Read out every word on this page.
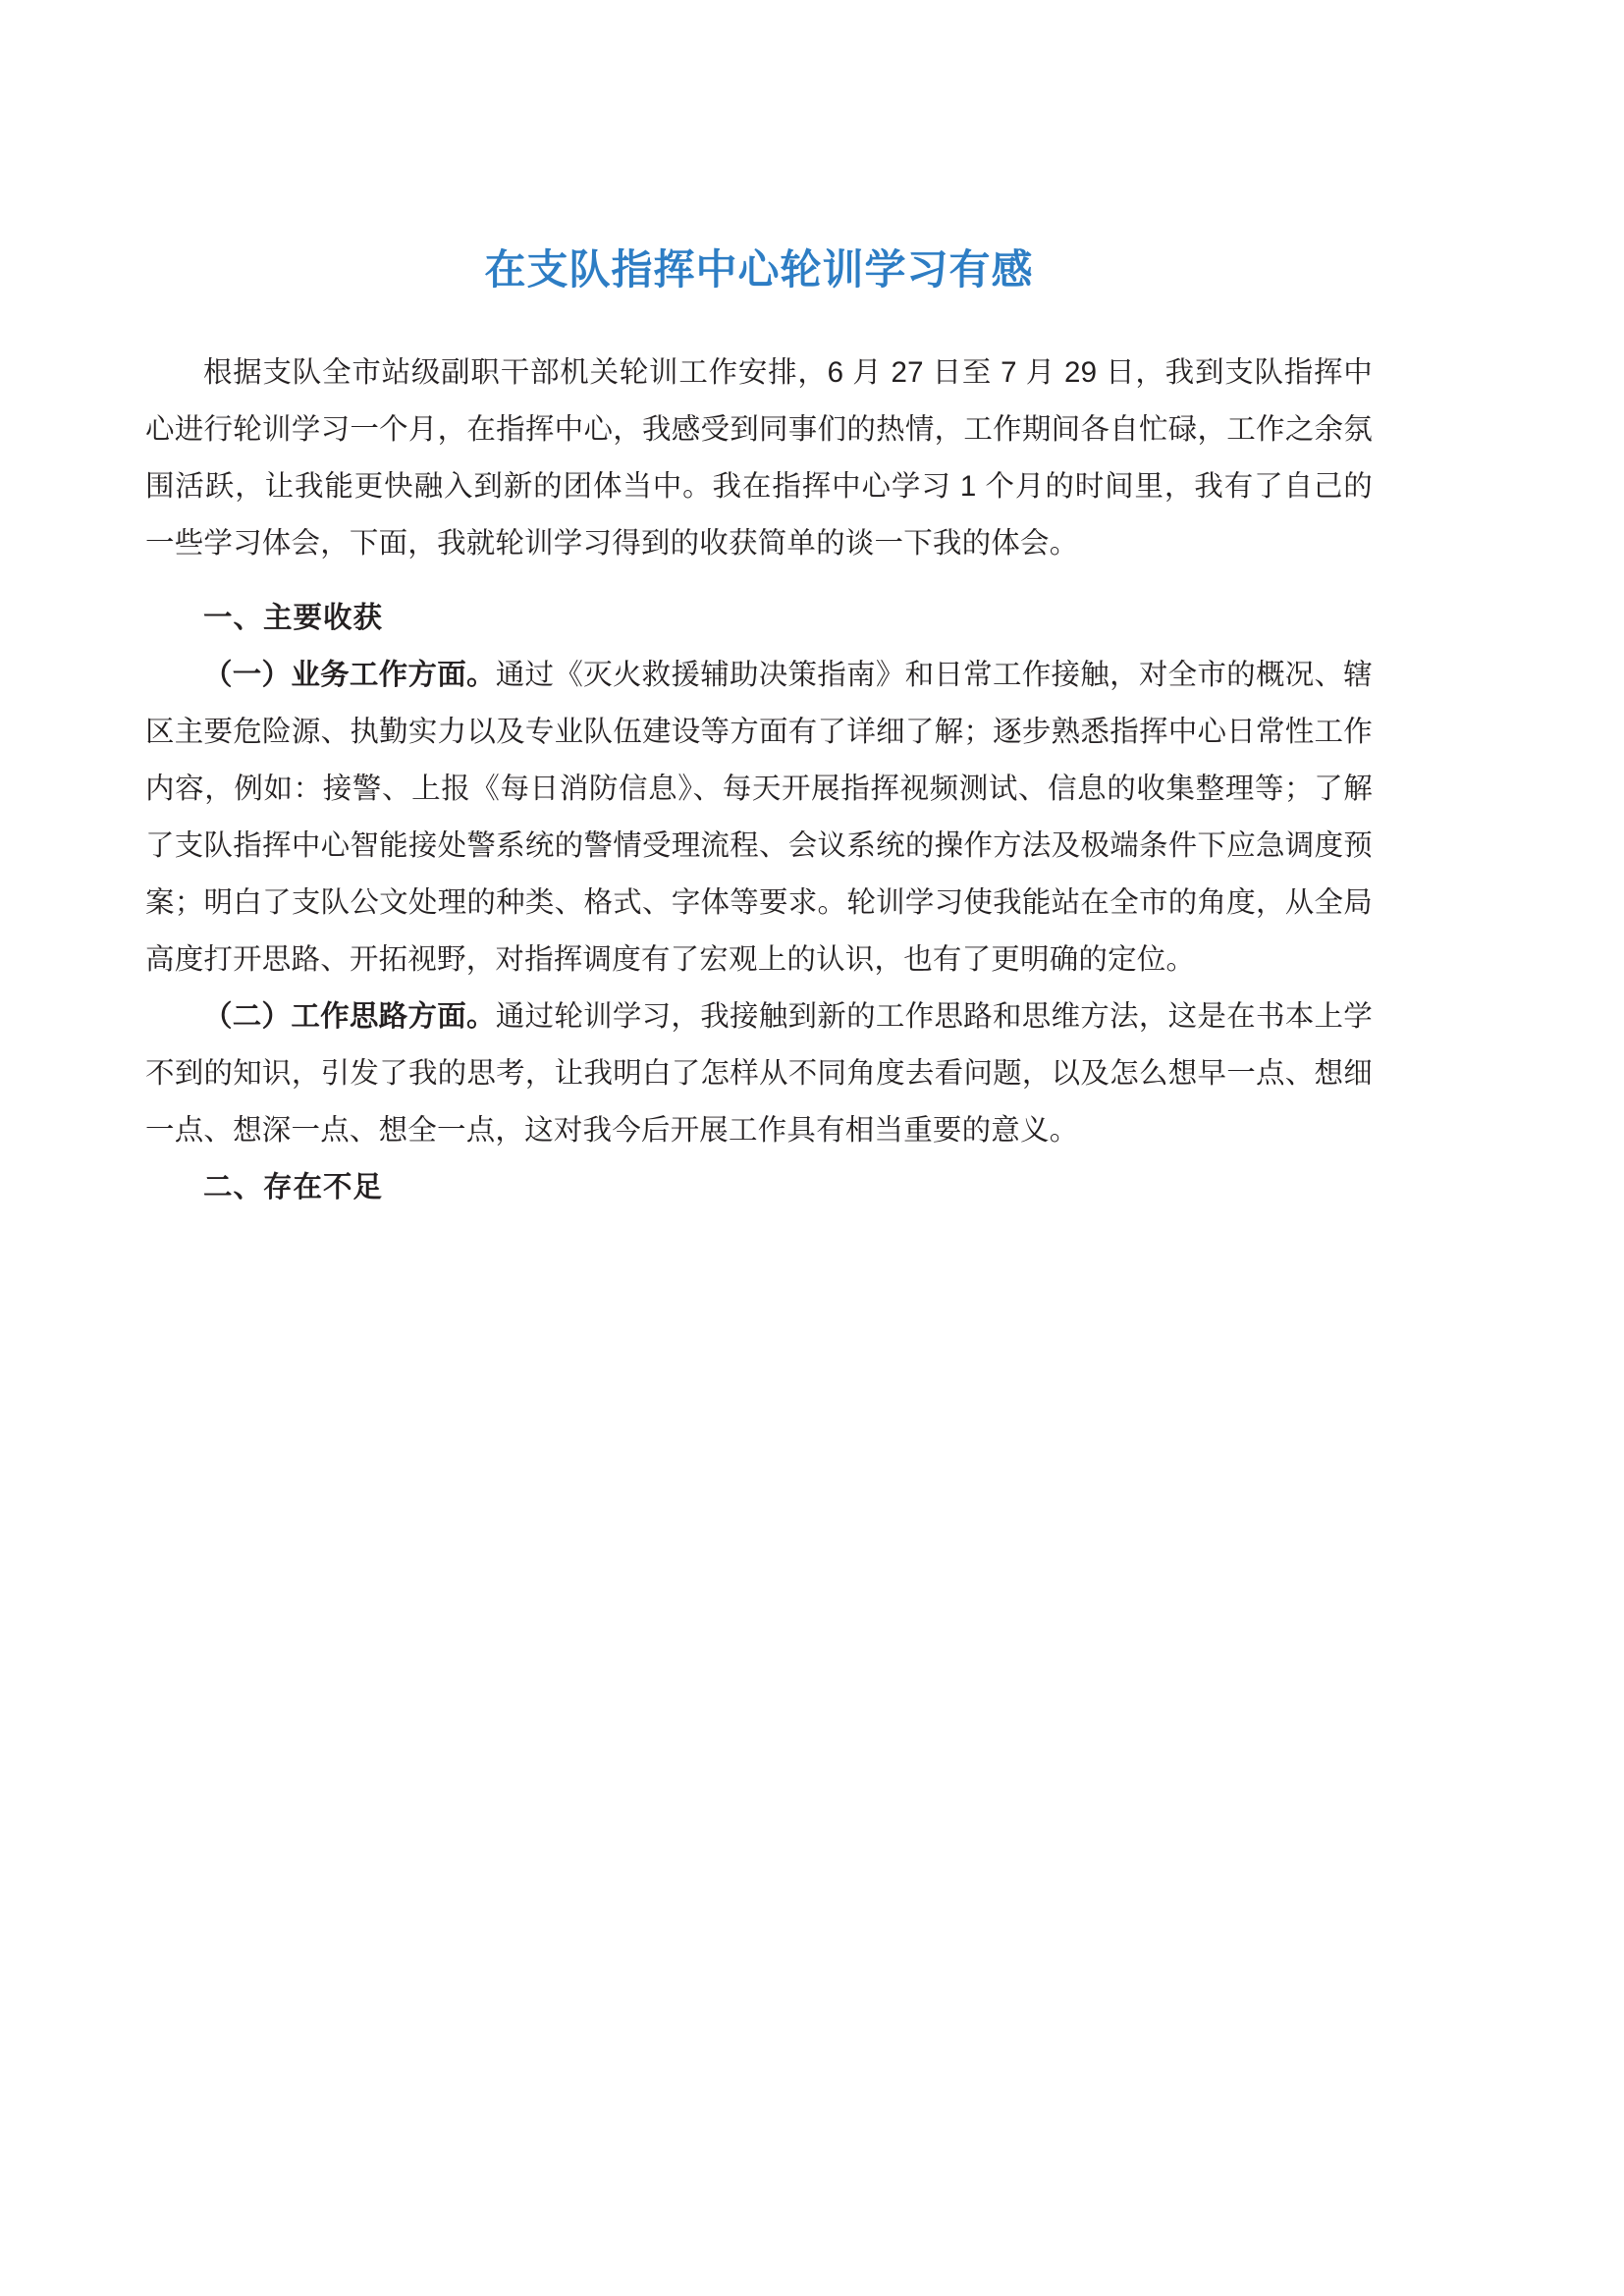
在支队指挥中心轮训学习有感

根据支队全市站级副职干部机关轮训工作安排，6 月 27 日至 7 月 29 日，我到支队指挥中心进行轮训学习一个月，在指挥中心，我感受到同事们的热情，工作期间各自忙碌，工作之余氛围活跃，让我能更快融入到新的团体当中。我在指挥中心学习 1 个月的时间里，我有了自己的一些学习体会，下面，我就轮训学习得到的收获简单的谈一下我的体会。

一、主要收获

（一）业务工作方面。通过《灭火救援辅助决策指南》和日常工作接触，对全市的概况、辖区主要危险源、执勤实力以及专业队伍建设等方面有了详细了解；逐步熟悉指挥中心日常性工作内容，例如：接警、上报《每日消防信息》、每天开展指挥视频测试、信息的收集整理等；了解了支队指挥中心智能接处警系统的警情受理流程、会议系统的操作方法及极端条件下应急调度预案；明白了支队公文处理的种类、格式、字体等要求。轮训学习使我能站在全市的角度，从全局高度打开思路、开拓视野，对指挥调度有了宏观上的认识，也有了更明确的定位。

（二）工作思路方面。通过轮训学习，我接触到新的工作思路和思维方法，这是在书本上学不到的知识，引发了我的思考，让我明白了怎样从不同角度去看问题，以及怎么想早一点、想细一点、想深一点、想全一点，这对我今后开展工作具有相当重要的意义。

二、存在不足
